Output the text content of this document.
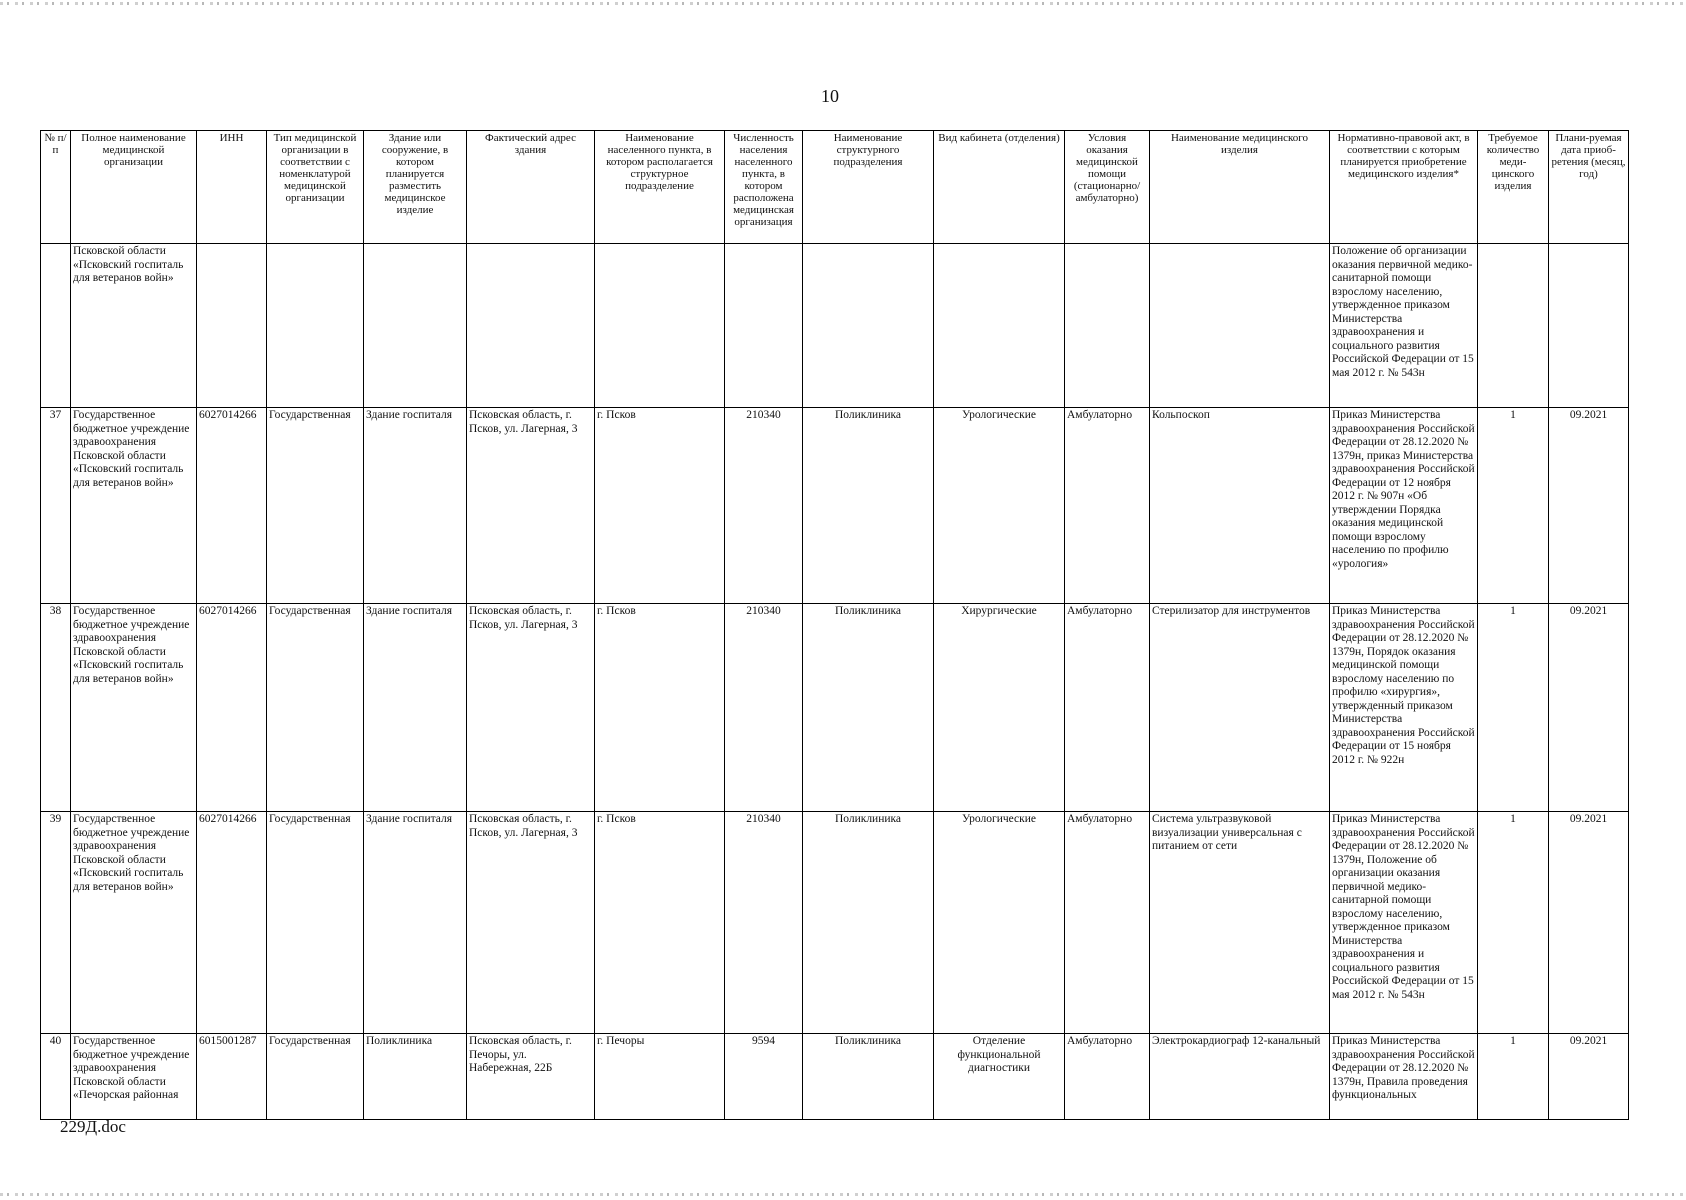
10
№ п/п	Полное наименование медицинской организации	ИНН	Тип медицинской организации в соответствии с номенклатурой медицинской организации	Здание или сооружение, в котором планируется разместить медицинское изделие	Фактический адрес здания	Наименование населенного пункта, в котором располагается структурное подразделение	Численность населения населенного пункта, в котором расположена медицинская организация	Наименование структурного подразделения	Вид кабинета (отделения)	Условия оказания медицинской помощи (стационарно/ амбулаторно)	Наименование медицинского изделия	Нормативно-правовой акт, в соответствии с которым планируется приобретение медицинского изделия*	Требуемое количество меди-цинского изделия	Плани-руемая дата приоб-ретения (месяц, год)
	Псковской области «Псковский госпиталь для ветеранов войн»											Положение об организации оказания первичной медико-санитарной помощи взрослому населению, утвержденное приказом Министерства здравоохранения и социального развития Российской Федерации от 15 мая 2012 г. № 543н		
37	Государственное бюджетное учреждение здравоохранения Псковской области «Псковский госпиталь для ветеранов войн»	6027014266	Государственная	Здание госпиталя	Псковская область, г. Псков, ул. Лагерная, 3	г. Псков	210340	Поликлиника	Урологические	Амбулаторно	Кольпоскоп	Приказ Министерства здравоохранения Российской Федерации от 28.12.2020 № 1379н, приказ Министерства здравоохранения Российской Федерации от 12 ноября 2012 г. № 907н «Об утверждении Порядка оказания медицинской помощи взрослому населению по профилю «урология»	1	09.2021
38	Государственное бюджетное учреждение здравоохранения Псковской области «Псковский госпиталь для ветеранов войн»	6027014266	Государственная	Здание госпиталя	Псковская область, г. Псков, ул. Лагерная, 3	г. Псков	210340	Поликлиника	Хирургические	Амбулаторно	Стерилизатор для инструментов	Приказ Министерства здравоохранения Российской Федерации от 28.12.2020 № 1379н, Порядок оказания медицинской помощи взрослому населению по профилю «хирургия», утвержденный приказом Министерства здравоохранения Российской Федерации от 15 ноября 2012 г. № 922н	1	09.2021
39	Государственное бюджетное учреждение здравоохранения Псковской области «Псковский госпиталь для ветеранов войн»	6027014266	Государственная	Здание госпиталя	Псковская область, г. Псков, ул. Лагерная, 3	г. Псков	210340	Поликлиника	Урологические	Амбулаторно	Система ультразвуковой визуализации универсальная с питанием от сети	Приказ Министерства здравоохранения Российской Федерации от 28.12.2020 № 1379н, Положение об организации оказания первичной медико-санитарной помощи взрослому населению, утвержденное приказом Министерства здравоохранения и социального развития Российской Федерации от 15 мая 2012 г. № 543н	1	09.2021
40	Государственное бюджетное учреждение здравоохранения Псковской области «Печорская районная	6015001287	Государственная	Поликлиника	Псковская область, г. Печоры, ул. Набережная, 22Б	г. Печоры	9594	Поликлиника	Отделение функциональной диагностики	Амбулаторно	Электрокардиограф 12-канальный	Приказ Министерства здравоохранения Российской Федерации от 28.12.2020 № 1379н, Правила проведения функциональных	1	09.2021
229Д.doc
